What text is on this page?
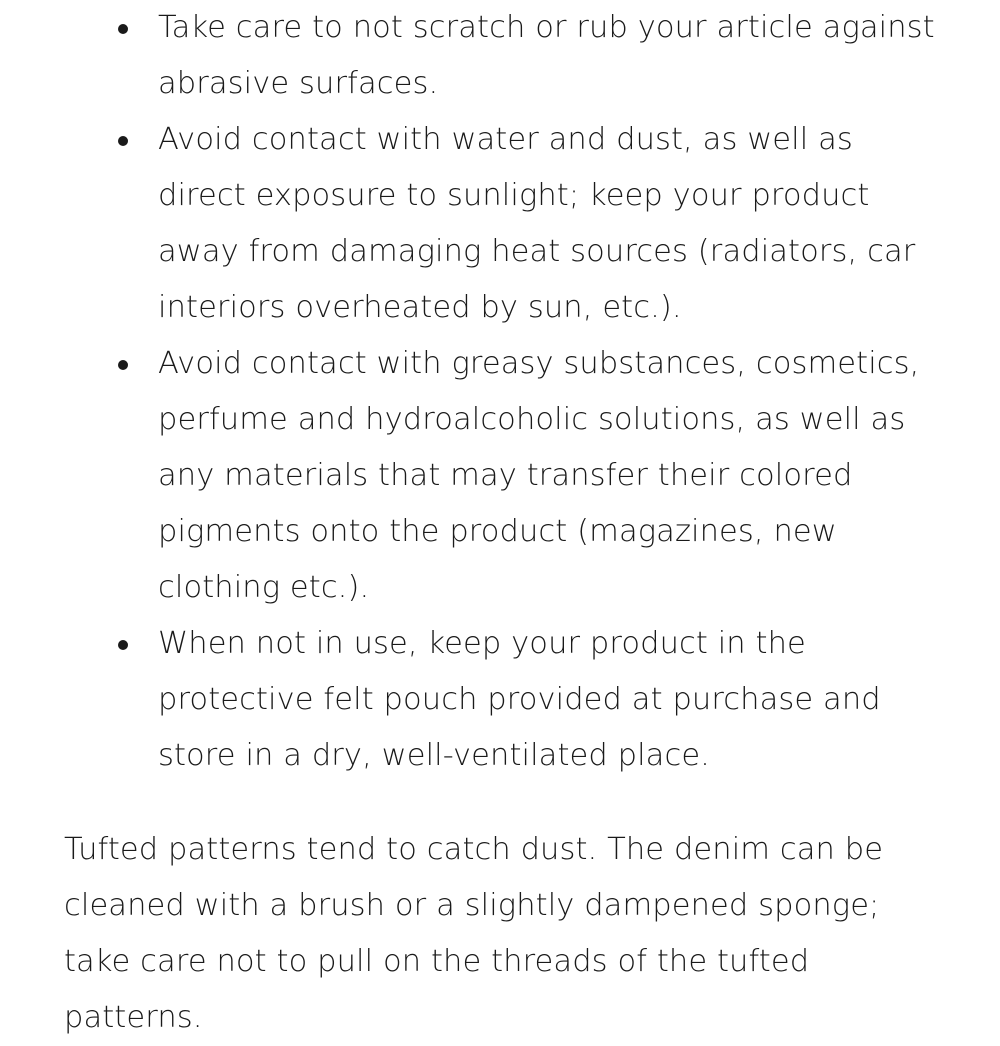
Take care to not scratch or rub your article against abrasive surfaces.
Avoid contact with water and dust, as well as direct exposure to sunlight; keep your product away from damaging heat sources (radiators, car interiors overheated by sun, etc.).
Avoid contact with greasy substances, cosmetics, perfume and hydroalcoholic solutions, as well as any materials that may transfer their colored pigments onto the product (magazines, new clothing etc.).
When not in use, keep your product in the protective felt pouch provided at purchase and store in a dry, well-ventilated place.

Tufted patterns tend to catch dust. The denim can be cleaned with a brush or a slightly dampened sponge; take care not to pull on the threads of the tufted patterns.
